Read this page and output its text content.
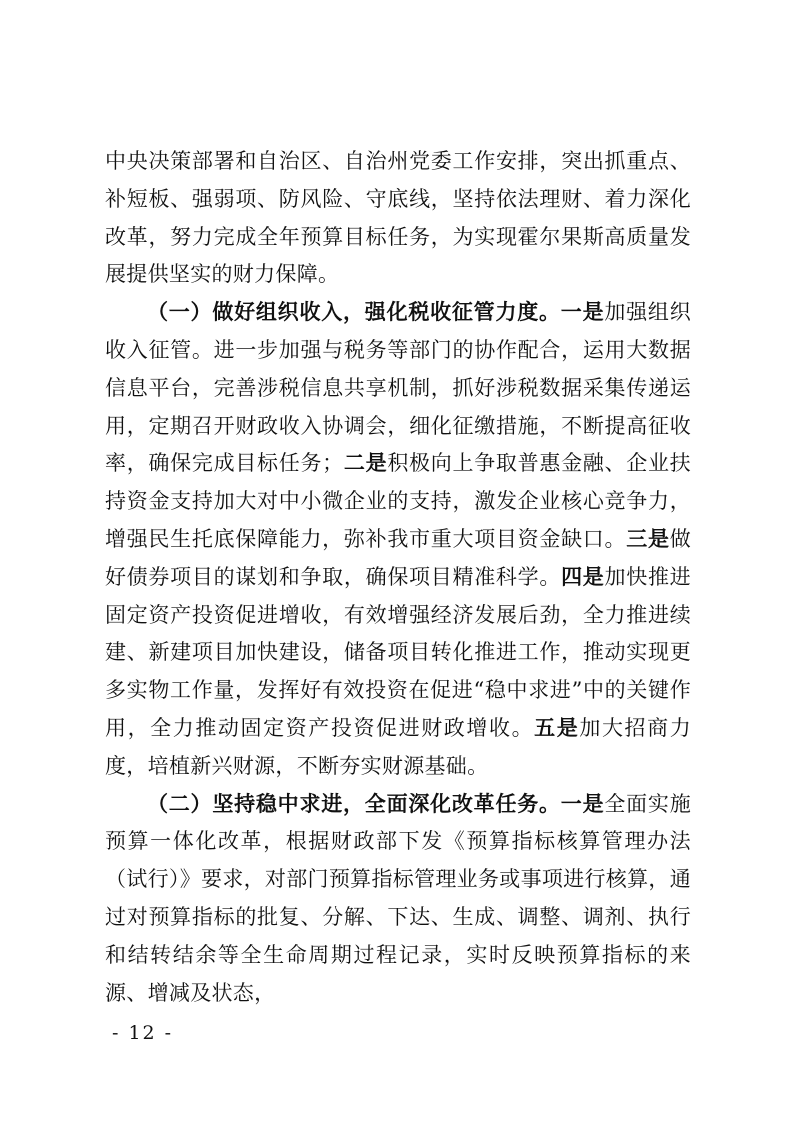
中央决策部署和自治区、自治州党委工作安排，突出抓重点、补短板、强弱项、防风险、守底线，坚持依法理财、着力深化改革，努力完成全年预算目标任务，为实现霍尔果斯高质量发展提供坚实的财力保障。

（一）做好组织收入，强化税收征管力度。一是加强组织收入征管。进一步加强与税务等部门的协作配合，运用大数据信息平台，完善涉税信息共享机制，抓好涉税数据采集传递运用，定期召开财政收入协调会，细化征缴措施，不断提高征收率，确保完成目标任务；二是积极向上争取普惠金融、企业扶持资金支持加大对中小微企业的支持，激发企业核心竞争力，增强民生托底保障能力，弥补我市重大项目资金缺口。三是做好债券项目的谋划和争取，确保项目精准科学。四是加快推进固定资产投资促进增收，有效增强经济发展后劲，全力推进续建、新建项目加快建设，储备项目转化推进工作，推动实现更多实物工作量，发挥好有效投资在促进“稳中求进”中的关键作用，全力推动固定资产投资促进财政增收。五是加大招商力度，培植新兴财源，不断夯实财源基础。

（二）坚持稳中求进，全面深化改革任务。一是全面实施预算一体化改革，根据财政部下发《预算指标核算管理办法（试行）》要求，对部门预算指标管理业务或事项进行核算，通过对预算指标的批复、分解、下达、生成、调整、调剂、执行和结转结余等全生命周期过程记录，实时反映预算指标的来源、增减及状态，

- 12 -
